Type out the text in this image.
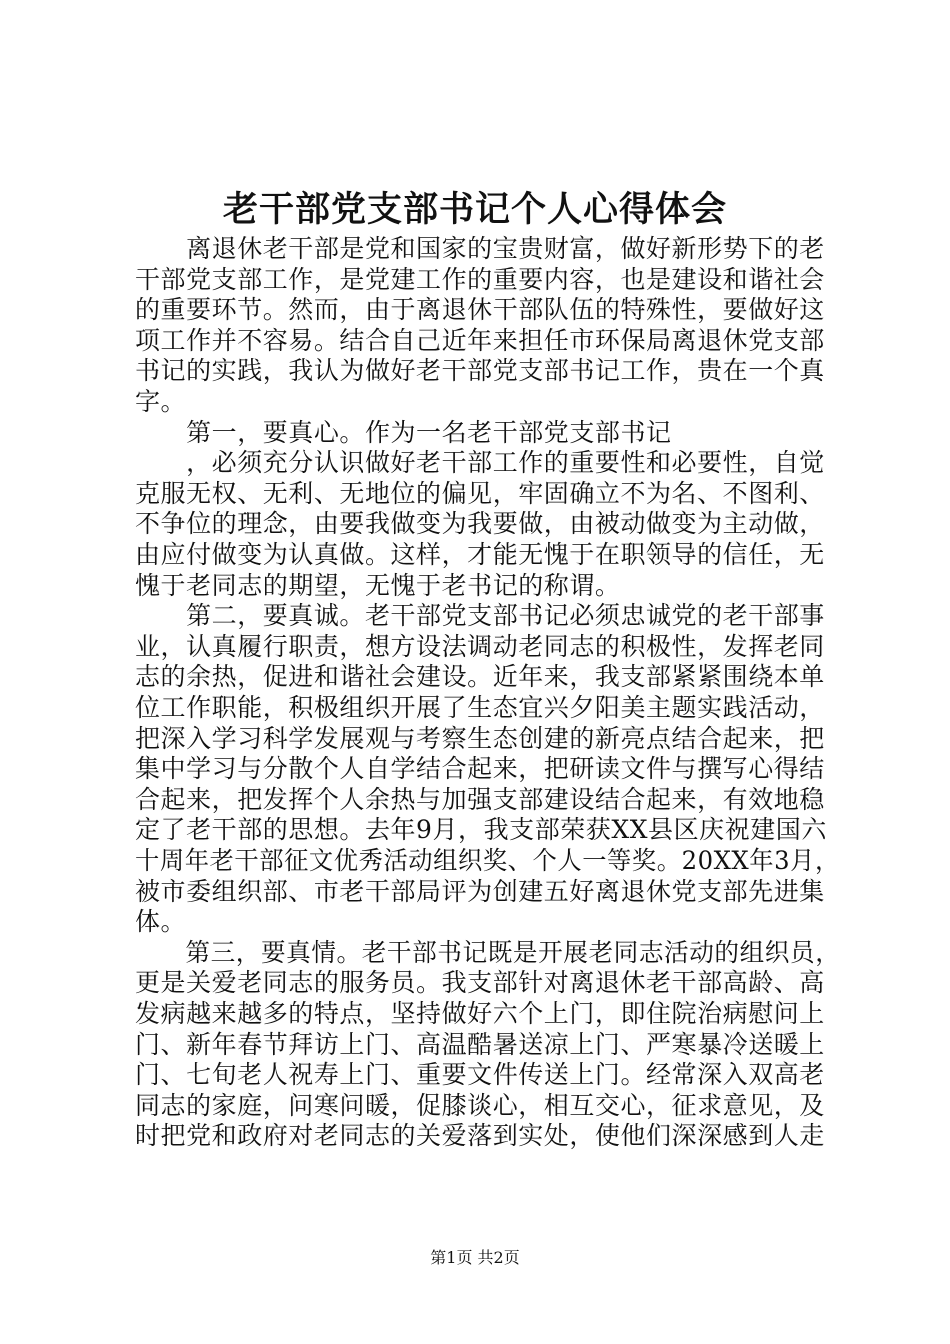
老干部党支部书记个人心得体会
　　离退休老干部是党和国家的宝贵财富，做好新形势下的老
干部党支部工作，是党建工作的重要内容，也是建设和谐社会
的重要环节。然而，由于离退休干部队伍的特殊性，要做好这
项工作并不容易。结合自己近年来担任市环保局离退休党支部
书记的实践，我认为做好老干部党支部书记工作，贵在一个真
字。
　　第一，要真心。作为一名老干部党支部书记
　　，必须充分认识做好老干部工作的重要性和必要性，自觉
克服无权、无利、无地位的偏见，牢固确立不为名、不图利、
不争位的理念，由要我做变为我要做，由被动做变为主动做，
由应付做变为认真做。这样，才能无愧于在职领导的信任，无
愧于老同志的期望，无愧于老书记的称谓。
　　第二，要真诚。老干部党支部书记必须忠诚党的老干部事
业，认真履行职责，想方设法调动老同志的积极性，发挥老同
志的余热，促进和谐社会建设。近年来，我支部紧紧围绕本单
位工作职能，积极组织开展了生态宜兴夕阳美主题实践活动，
把深入学习科学发展观与考察生态创建的新亮点结合起来，把
集中学习与分散个人自学结合起来，把研读文件与撰写心得结
合起来，把发挥个人余热与加强支部建设结合起来，有效地稳
定了老干部的思想。去年9月，我支部荣获XX县区庆祝建国六
十周年老干部征文优秀活动组织奖、个人一等奖。20XX年3月，
被市委组织部、市老干部局评为创建五好离退休党支部先进集
体。
　　第三，要真情。老干部书记既是开展老同志活动的组织员，
更是关爱老同志的服务员。我支部针对离退休老干部高龄、高
发病越来越多的特点，坚持做好六个上门，即住院治病慰问上
门、新年春节拜访上门、高温酷暑送凉上门、严寒暴冷送暖上
门、七旬老人祝寿上门、重要文件传送上门。经常深入双高老
同志的家庭，问寒问暖，促膝谈心，相互交心，征求意见，及
时把党和政府对老同志的关爱落到实处，使他们深深感到人走
第1页 共2页
